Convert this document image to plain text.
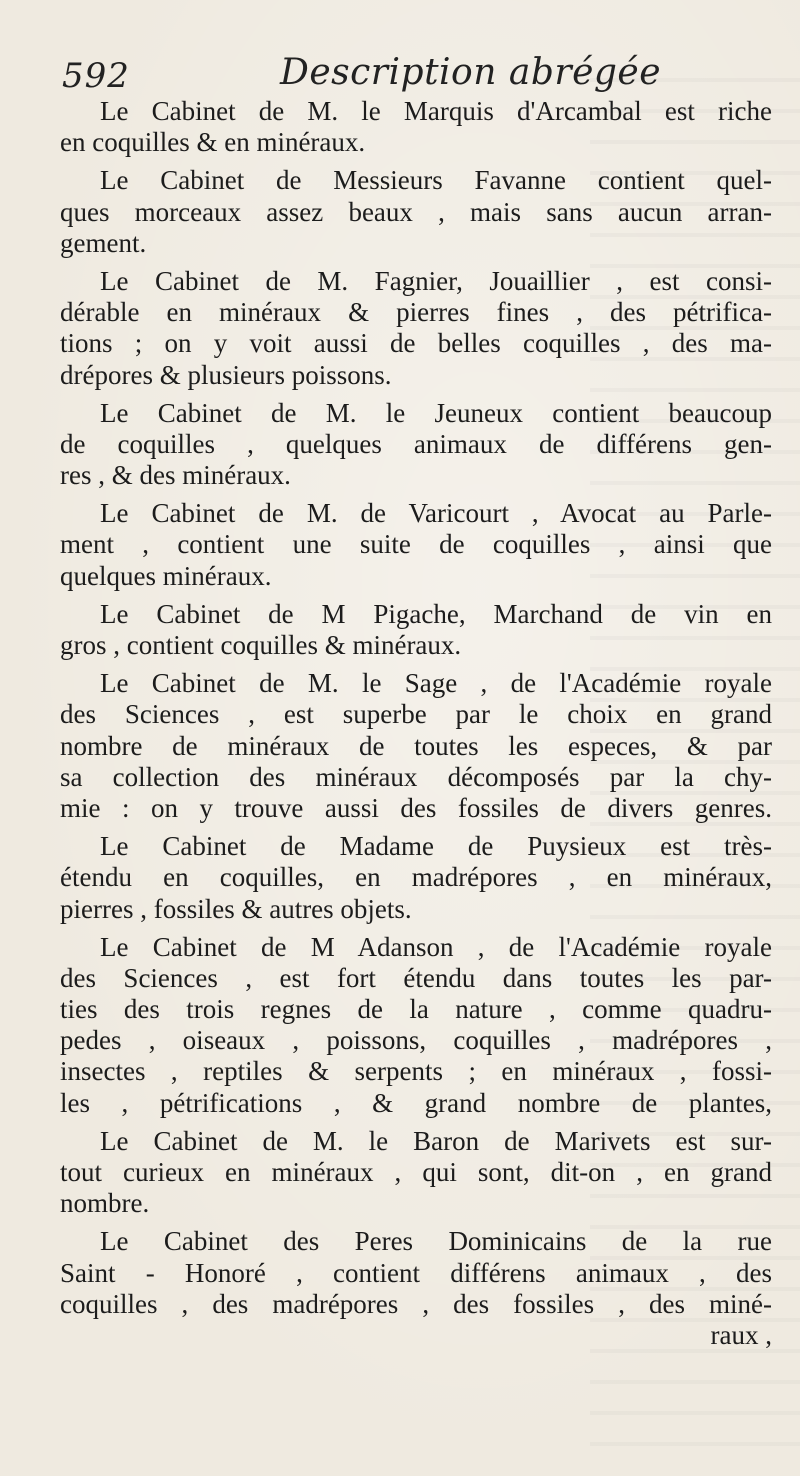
592	Description abrégée
Le Cabinet de M. le Marquis d'Arcambal est riche
en coquilles & en minéraux.
Le Cabinet de Messieurs Favanne contient quel-
ques morceaux assez beaux , mais sans aucun arran-
gement.
Le Cabinet de M. Fagnier, Jouaillier , est consi-
dérable en minéraux & pierres fines , des pétrifica-
tions ; on y voit aussi de belles coquilles , des ma-
drépores & plusieurs poissons.
Le Cabinet de M. le Jeuneux contient beaucoup
de coquilles , quelques animaux de différens gen-
res , & des minéraux.
Le Cabinet de M. de Varicourt , Avocat au Parle-
ment , contient une suite de coquilles , ainsi que
quelques minéraux.
Le Cabinet de M Pigache, Marchand de vin en
gros , contient coquilles & minéraux.
Le Cabinet de M. le Sage , de l'Académie royale
des Sciences , est superbe par le choix en grand
nombre de minéraux de toutes les especes, & par
sa collection des minéraux décomposés par la chy-
mie : on y trouve aussi des fossiles de divers genres.
Le Cabinet de Madame de Puysieux est très-
étendu en coquilles, en madrépores , en minéraux,
pierres , fossiles & autres objets.
Le Cabinet de M Adanson , de l'Académie royale
des Sciences , est fort étendu dans toutes les par-
ties des trois regnes de la nature , comme quadru-
pedes , oiseaux , poissons, coquilles , madrépores ,
insectes , reptiles & serpents ; en minéraux , fossi-
les , pétrifications , & grand nombre de plantes,
Le Cabinet de M. le Baron de Marivets est sur-
tout curieux en minéraux , qui sont, dit-on , en grand
nombre.
Le Cabinet des Peres Dominicains de la rue
Saint - Honoré , contient différens animaux , des
coquilles , des madrépores , des fossiles , des miné-
raux ,
